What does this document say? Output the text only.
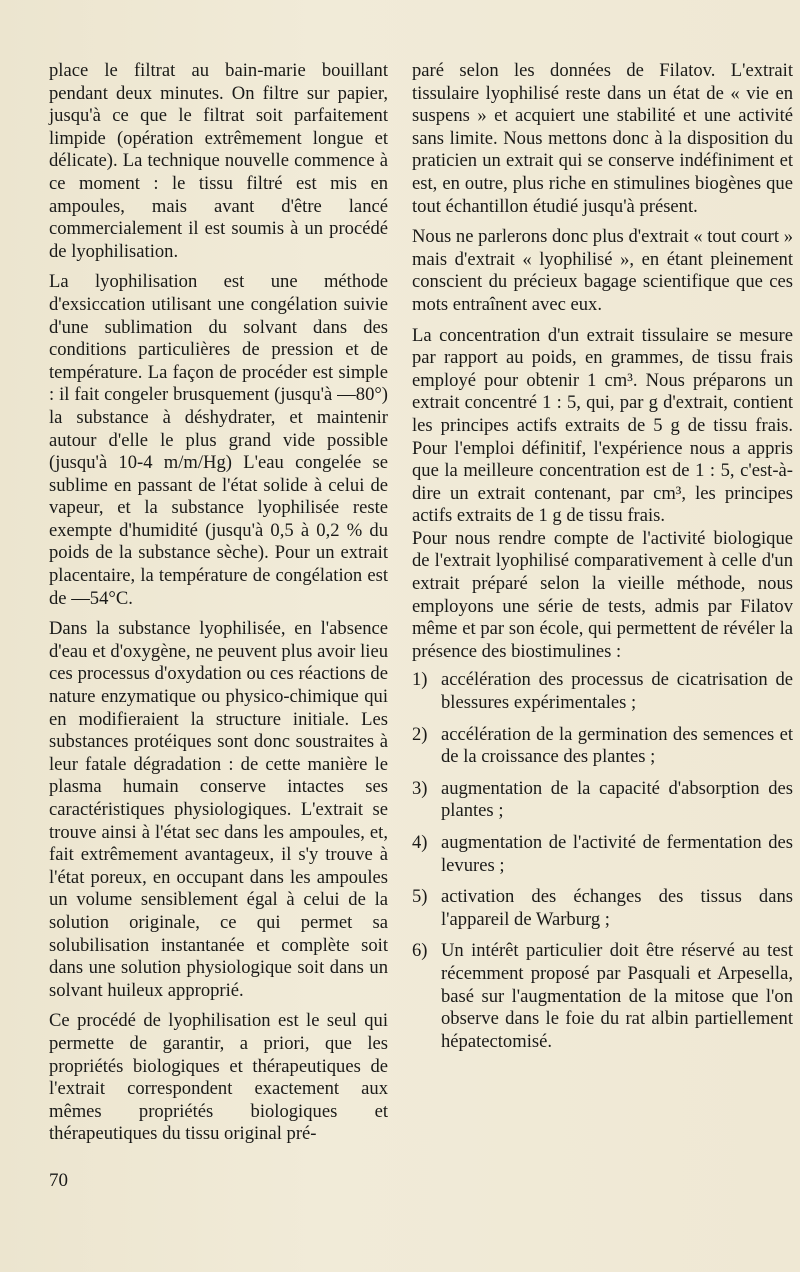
place le filtrat au bain-marie bouillant pendant deux minutes. On filtre sur papier, jusqu'à ce que le filtrat soit parfaitement limpide (opération extrêmement longue et délicate). La technique nouvelle commence à ce moment : le tissu filtré est mis en ampoules, mais avant d'être lancé commercialement il est soumis à un procédé de lyophilisation.

La lyophilisation est une méthode d'exsiccation utilisant une congélation suivie d'une sublimation du solvant dans des conditions particulières de pression et de température. La façon de procéder est simple : il fait congeler brusquement (jusqu'à —80°) la substance à déshydrater, et maintenir autour d'elle le plus grand vide possible (jusqu'à 10-4 m/m/Hg) L'eau congelée se sublime en passant de l'état solide à celui de vapeur, et la substance lyophilisée reste exempte d'humidité (jusqu'à 0,5 à 0,2 % du poids de la substance sèche). Pour un extrait placentaire, la température de congélation est de —54°C.

Dans la substance lyophilisée, en l'absence d'eau et d'oxygène, ne peuvent plus avoir lieu ces processus d'oxydation ou ces réactions de nature enzymatique ou physico-chimique qui en modifieraient la structure initiale. Les substances protéiques sont donc soustraites à leur fatale dégradation : de cette manière le plasma humain conserve intactes ses caractéristiques physiologiques. L'extrait se trouve ainsi à l'état sec dans les ampoules, et, fait extrêmement avantageux, il s'y trouve à l'état poreux, en occupant dans les ampoules un volume sensiblement égal à celui de la solution originale, ce qui permet sa solubilisation instantanée et complète soit dans une solution physiologique soit dans un solvant huileux approprié.

Ce procédé de lyophilisation est le seul qui permette de garantir, a priori, que les propriétés biologiques et thérapeutiques de l'extrait correspondent exactement aux mêmes propriétés biologiques et thérapeutiques du tissu original pré-

paré selon les données de Filatov. L'extrait tissulaire lyophilisé reste dans un état de « vie en suspens » et acquiert une stabilité et une activité sans limite. Nous mettons donc à la disposition du praticien un extrait qui se conserve indéfiniment et est, en outre, plus riche en stimulines biogènes que tout échantillon étudié jusqu'à présent.

Nous ne parlerons donc plus d'extrait « tout court » mais d'extrait « lyophilisé », en étant pleinement conscient du précieux bagage scientifique que ces mots entraînent avec eux.

La concentration d'un extrait tissulaire se mesure par rapport au poids, en grammes, de tissu frais employé pour obtenir 1 cm³. Nous préparons un extrait concentré 1 : 5, qui, par g d'extrait, contient les principes actifs extraits de 5 g de tissu frais. Pour l'emploi définitif, l'expérience nous a appris que la meilleure concentration est de 1 : 5, c'est-à-dire un extrait contenant, par cm³, les principes actifs extraits de 1 g de tissu frais.

Pour nous rendre compte de l'activité biologique de l'extrait lyophilisé comparativement à celle d'un extrait préparé selon la vieille méthode, nous employons une série de tests, admis par Filatov même et par son école, qui permettent de révéler la présence des biostimulines :

1) accélération des processus de cicatrisation de blessures expérimentales ;
2) accélération de la germination des semences et de la croissance des plantes ;
3) augmentation de la capacité d'absorption des plantes ;
4) augmentation de l'activité de fermentation des levures ;
5) activation des échanges des tissus dans l'appareil de Warburg ;
6) Un intérêt particulier doit être réservé au test récemment proposé par Pasquali et Arpesella, basé sur l'augmentation de la mitose que l'on observe dans le foie du rat albin partiellement hépatectomisé.
70
